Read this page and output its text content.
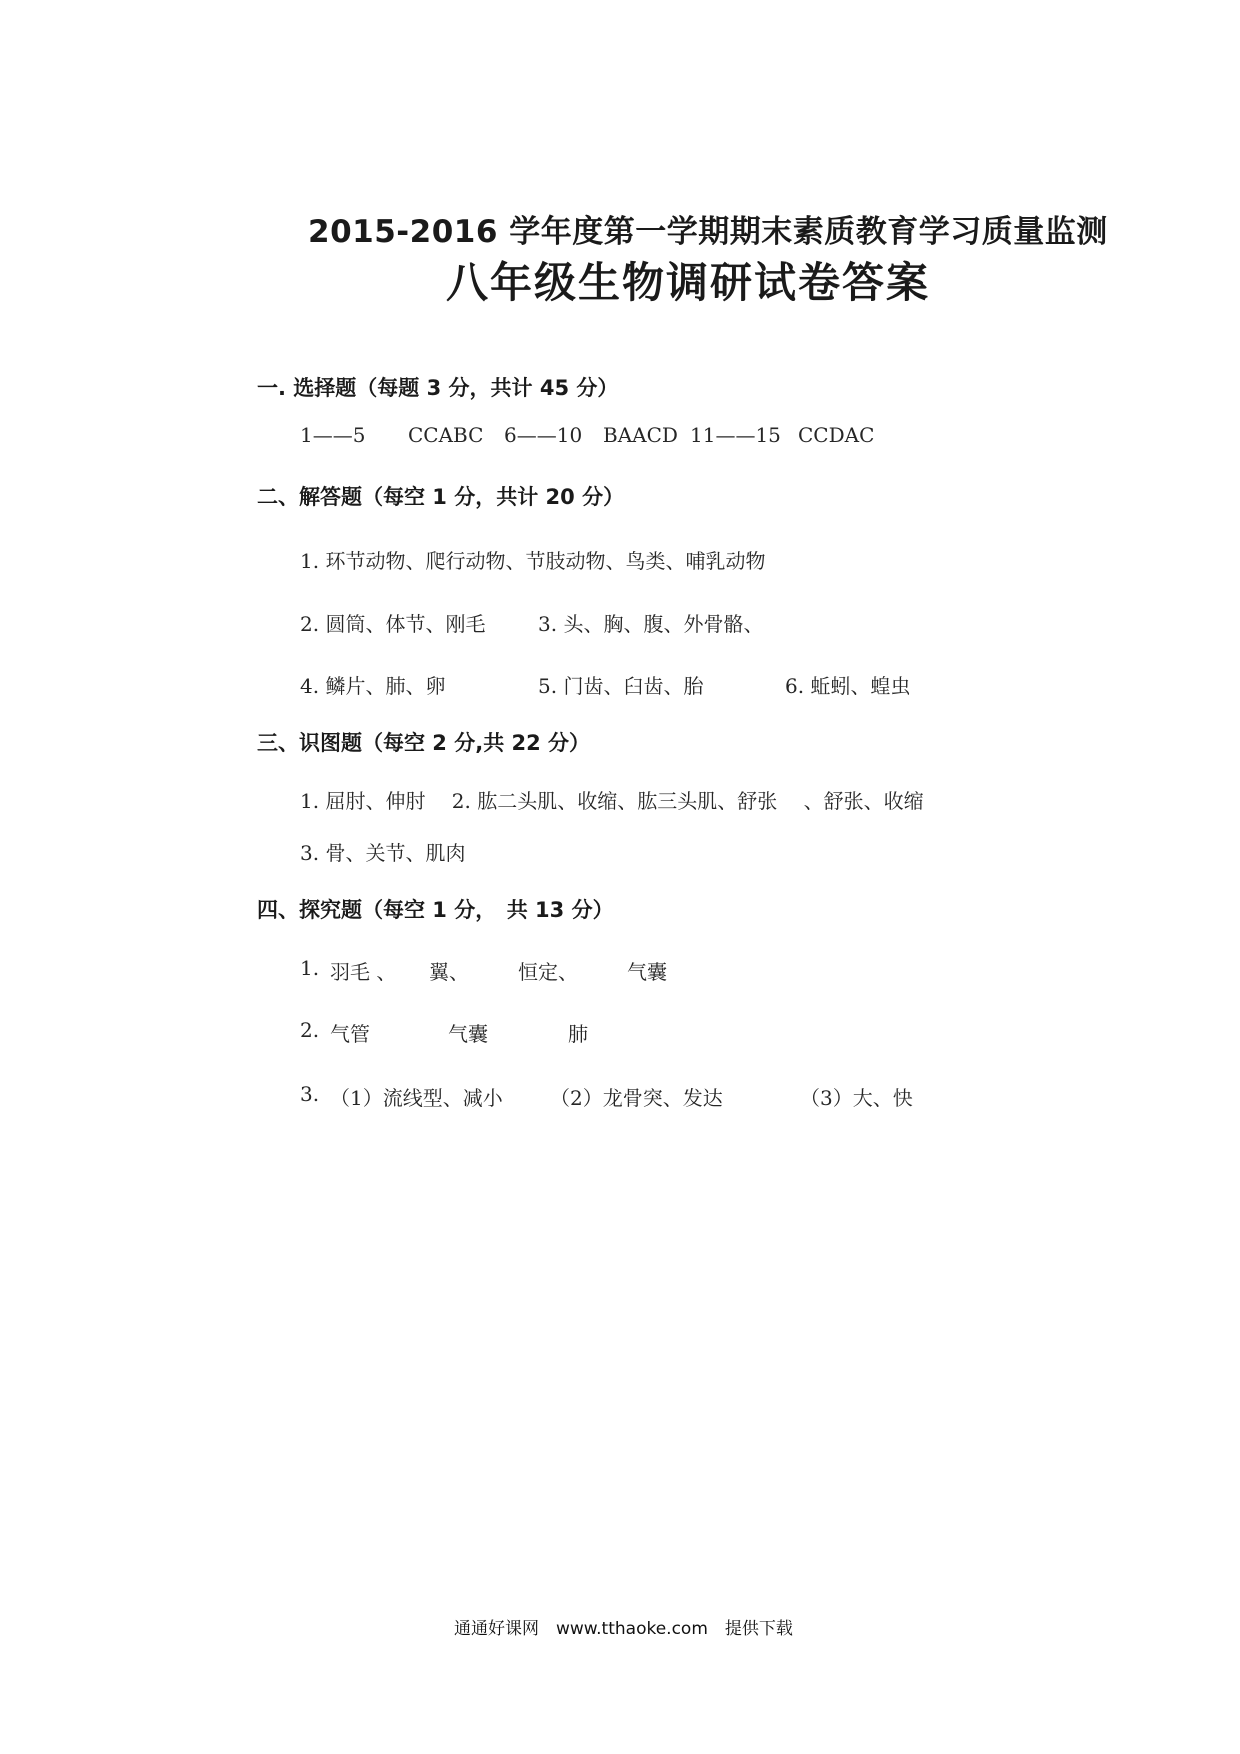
2015-2016 学年度第一学期期末素质教育学习质量监测
八年级生物调研试卷答案
一. 选择题（每题 3 分，共计 45 分）
1——5 CCABC 6——10 BAACD 11——15 CCDAC
二、解答题（每空 1 分，共计 20 分）
1. 环节动物、爬行动物、节肢动物、鸟类、哺乳动物
2. 圆筒、体节、刚毛	3. 头、胸、腹、外骨骼、
4. 鳞片、肺、卵	5. 门齿、臼齿、胎	6. 蚯蚓、蝗虫
三、识图题（每空 2 分,共 22 分）
1. 屈肘、伸肘　 2. 肱二头肌、收缩、肱三头肌、舒张　 、舒张、收缩
3. 骨、关节、肌肉
四、探究题（每空 1 分，　共 13 分）
1. 羽毛 、 翼、 恒定、 气囊
2. 气管	气囊	肺
3. （1）流线型、减小 （2）龙骨突、发达	（3）大、快
通通好课网　www.tthaoke.com　提供下载
